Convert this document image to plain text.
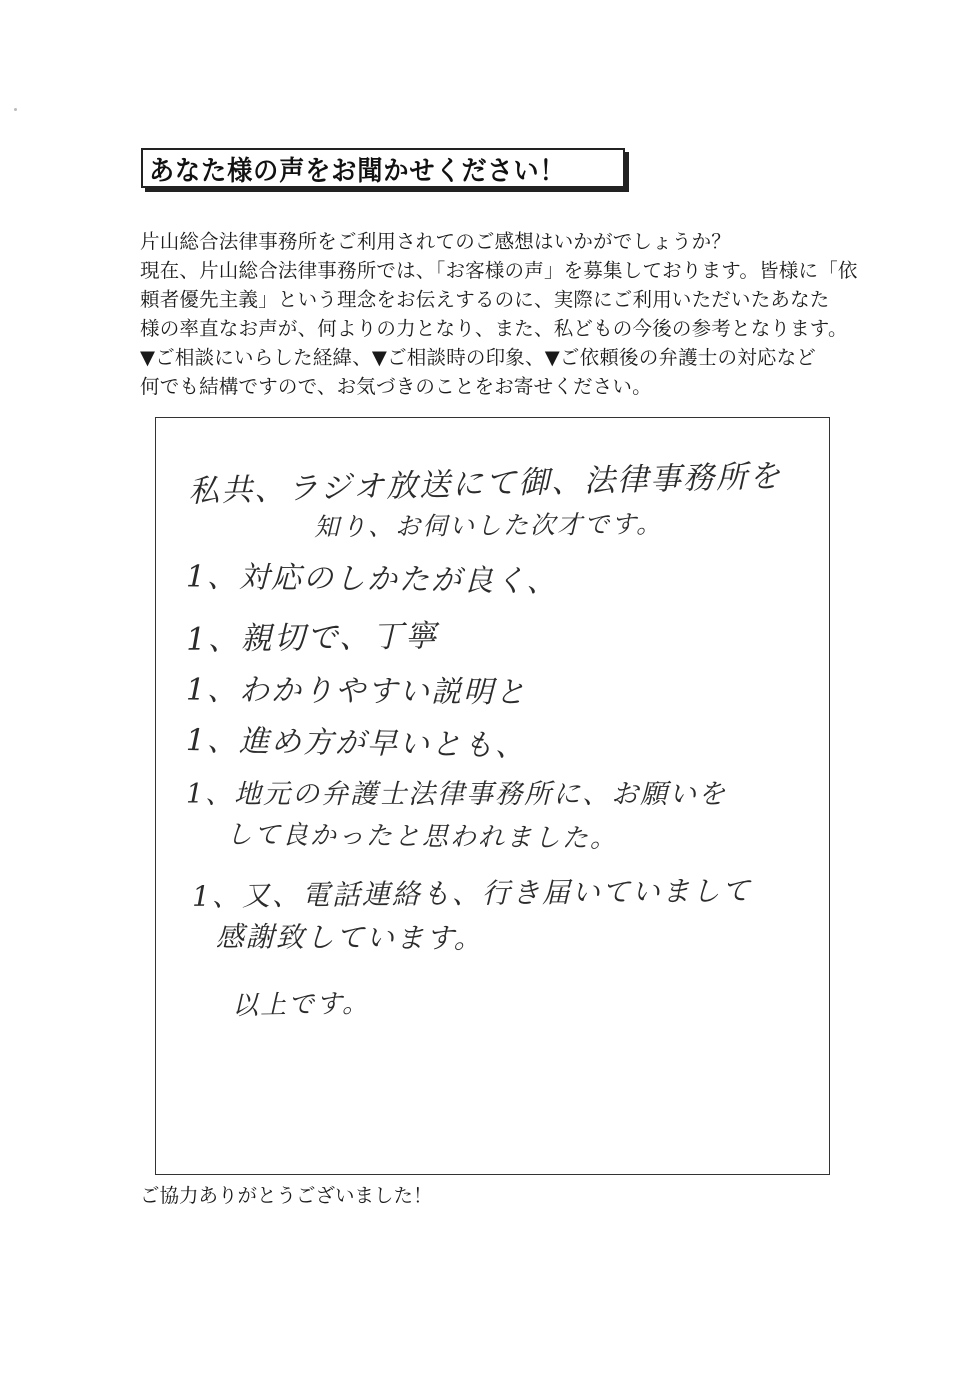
あなた様の声をお聞かせください！
片山総合法律事務所をご利用されてのご感想はいかがでしょうか？
現在、片山総合法律事務所では、「お客様の声」を募集しております。皆様に「依
頼者優先主義」という理念をお伝えするのに、実際にご利用いただいたあなた
様の率直なお声が、何よりの力となり、また、私どもの今後の参考となります。
▼ご相談にいらした経緯、▼ご相談時の印象、▼ご依頼後の弁護士の対応など
何でも結構ですので、お気づきのことをお寄せください。
私共、ラジオ放送にて御、法律事務所を
知り、お伺いした次才です。
1、対応のしかたが良く、
1、親切で、丁寧
1、わかりやすい説明と
1、進め方が早いとも、
1、地元の弁護士法律事務所に、お願いを
して良かったと思われました。
1、又、電話連絡も、行き届いていまして
感謝致しています。
以上です。
ご協力ありがとうございました！
